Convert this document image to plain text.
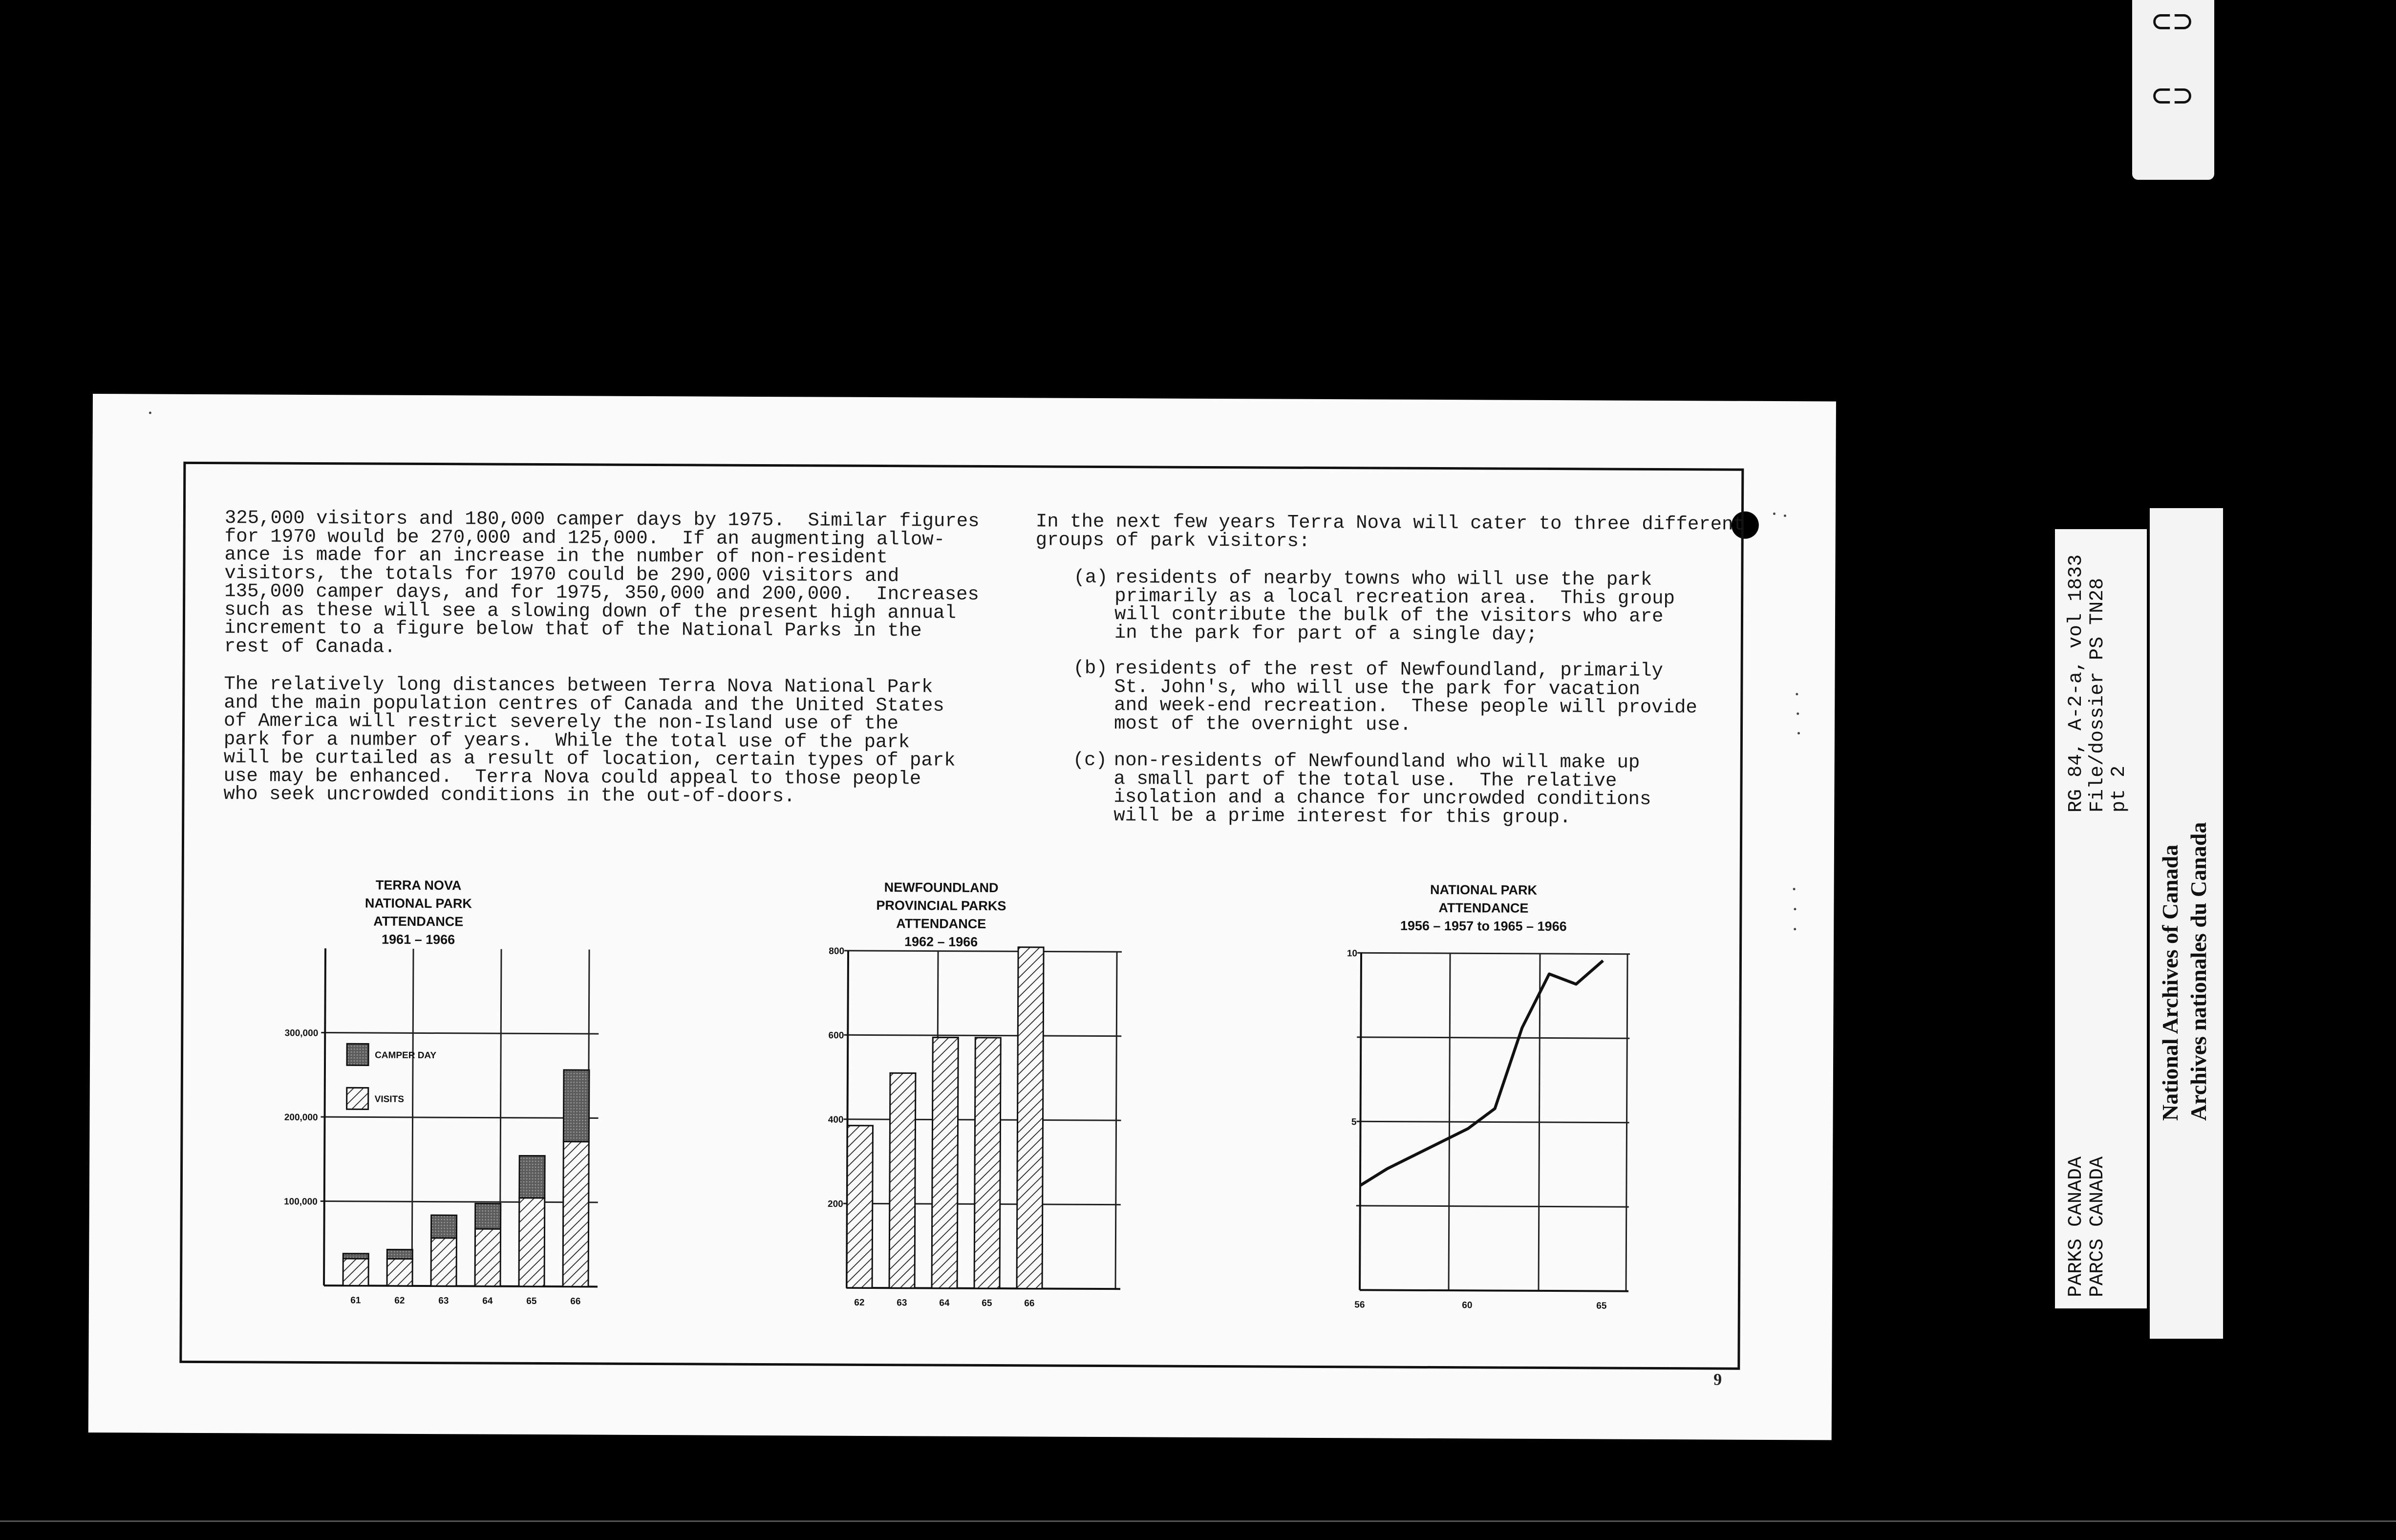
⊂⊃
⊂⊃

RG 84, A-2-a, vol 1833 File/dossier PS TN28 pt 2

PARKS CANADA PARCS CANADA

National Archives of Canada Archives nationales du Canada

325,000 visitors and 180,000 camper days by 1975.  Similar figures
for 1970 would be 270,000 and 125,000.  If an augmenting allow-
ance is made for an increase in the number of non-resident
visitors, the totals for 1970 could be 290,000 visitors and
135,000 camper days, and for 1975, 350,000 and 200,000.  Increases
such as these will see a slowing down of the present high annual
increment to a figure below that of the National Parks in the
rest of Canada.

The relatively long distances between Terra Nova National Park
and the main population centres of Canada and the United States
of America will restrict severely the non-Island use of the
park for a number of years.  While the total use of the park
will be curtailed as a result of location, certain types of park
use may be enhanced.  Terra Nova could appeal to those people
who seek uncrowded conditions in the out-of-doors.

In the next few years Terra Nova will cater to three different
groups of park visitors:

(a)

residents of nearby towns who will use the park
primarily as a local recreation area.  This group
will contribute the bulk of the visitors who are
in the park for part of a single day;

(b)

residents of the rest of Newfoundland, primarily
St. John's, who will use the park for vacation
and week-end recreation.  These people will provide
most of the overnight use.

(c)

non-residents of Newfoundland who will make up
a small part of the total use.  The relative
isolation and a chance for uncrowded conditions
will be a prime interest for this group.

TERRA NOVA
NATIONAL PARK
ATTENDANCE
1961 – 1966

NEWFOUNDLAND
PROVINCIAL PARKS
ATTENDANCE
1962 – 1966

NATIONAL PARK
ATTENDANCE
1956 – 1957 to 1965 – 1966

100,000
200,000
300,000
61	62	63	64	65	66
CAMPER DAY
VISITS
200
400
600
800
62	63	64	65	66
5
10
56	60	65
9
